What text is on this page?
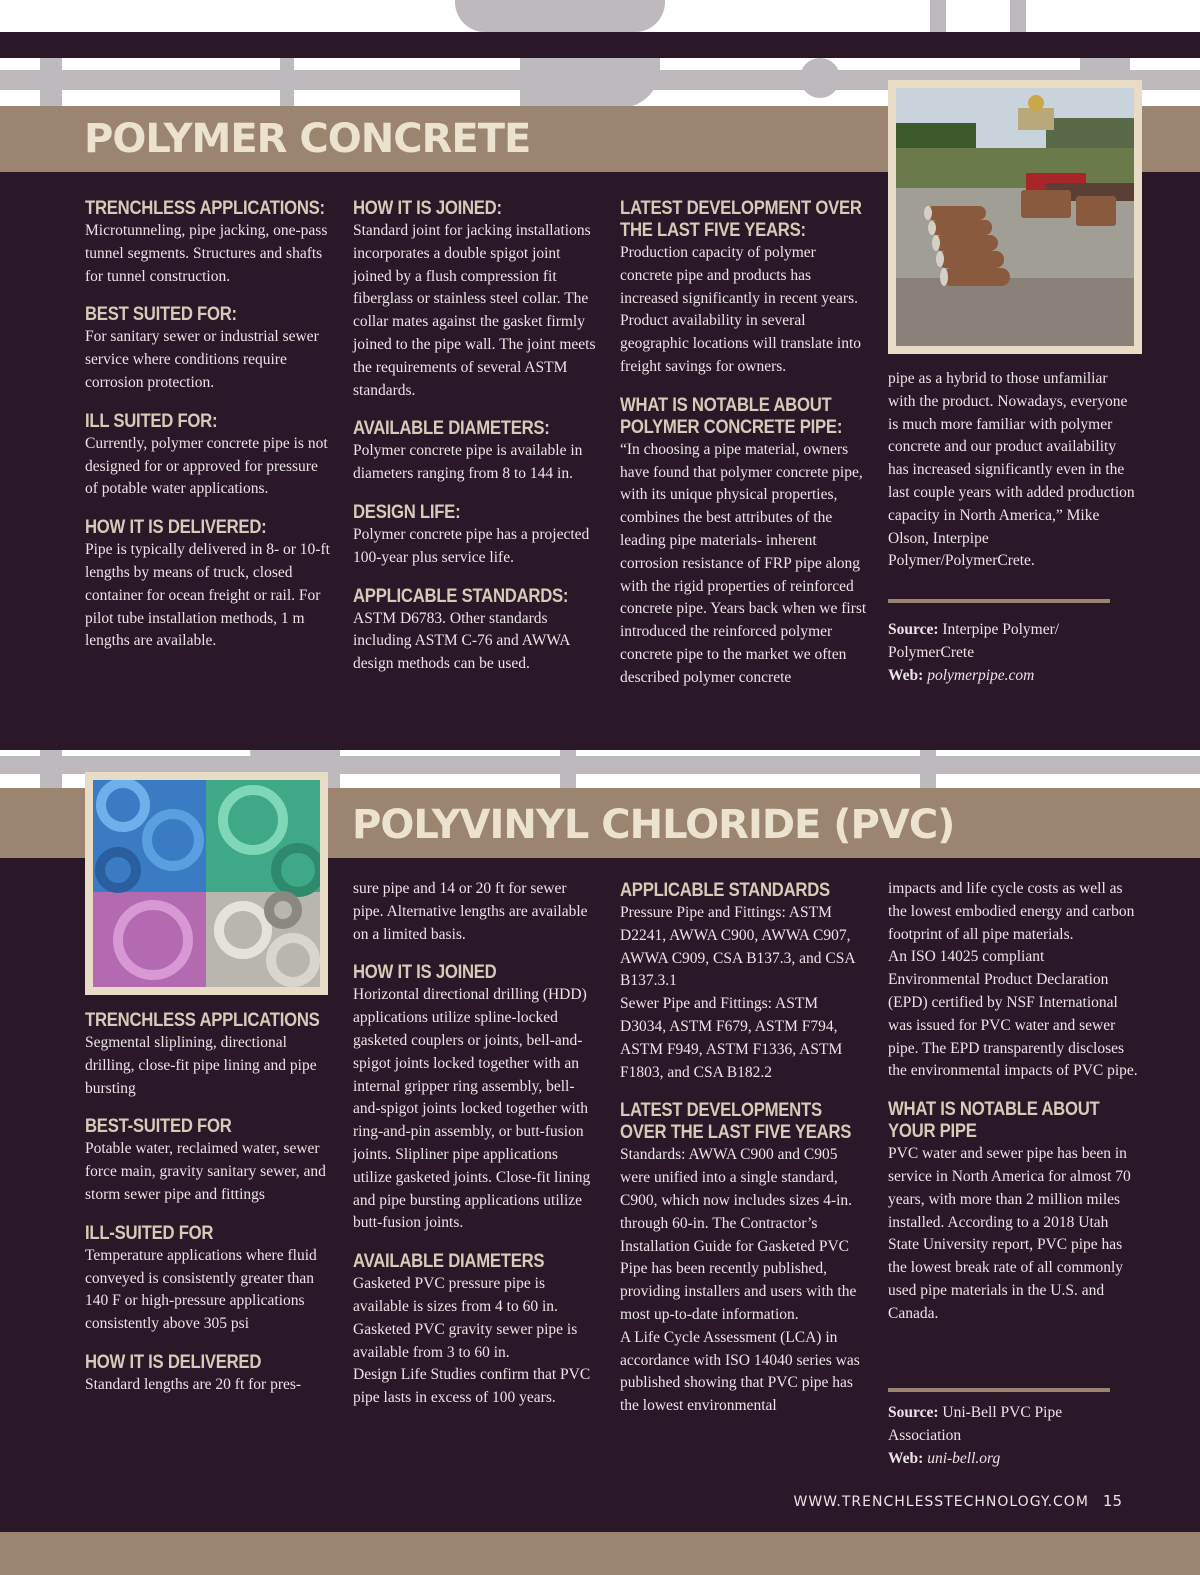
POLYMER CONCRETE
TRENCHLESS APPLICATIONS:

Microtunneling, pipe jacking, one-pass tunnel segments. Structures and shafts for tunnel construction.

BEST SUITED FOR:

For sanitary sewer or industrial sewer service where conditions require corrosion protection.

ILL SUITED FOR:

Currently, polymer concrete pipe is not designed for or approved for pressure of potable water applications.

HOW IT IS DELIVERED:

Pipe is typically delivered in 8- or 10-ft lengths by means of truck, closed container for ocean freight or rail. For pilot tube installation methods, 1 m lengths are available.

HOW IT IS JOINED:

Standard joint for jacking installations incorporates a double spigot joint joined by a flush compression fit fiberglass or stainless steel collar. The collar mates against the gasket firmly joined to the pipe wall. The joint meets the requirements of several ASTM standards.

AVAILABLE DIAMETERS:

Polymer concrete pipe is available in diameters ranging from 8 to 144 in.

DESIGN LIFE:

Polymer concrete pipe has a projected 100-year plus service life.

APPLICABLE STANDARDS:

ASTM D6783. Other standards including ASTM C-76 and AWWA design methods can be used.

LATEST DEVELOPMENT OVER THE LAST FIVE YEARS:

Production capacity of polymer concrete pipe and products has increased significantly in recent years. Product availability in several geographic locations will translate into freight savings for owners.

WHAT IS NOTABLE ABOUT POLYMER CONCRETE PIPE:

“In choosing a pipe material, owners have found that polymer concrete pipe, with its unique physical properties, combines the best attributes of the leading pipe materials- inherent corrosion resistance of FRP pipe along with the rigid properties of reinforced concrete pipe. Years back when we first introduced the reinforced polymer concrete pipe to the market we often described polymer concrete

pipe as a hybrid to those unfamiliar with the product. Nowadays, everyone is much more familiar with polymer concrete and our product availability has increased significantly even in the last couple years with added production capacity in North America,” Mike Olson, Interpipe Polymer/PolymerCrete.

Source: Interpipe Polymer/ PolymerCrete

Web: polymerpipe.com

POLYVINYL CHLORIDE (PVC)
TRENCHLESS APPLICATIONS

Segmental sliplining, directional drilling, close-fit pipe lining and pipe bursting

BEST-SUITED FOR

Potable water, reclaimed water, sewer force main, gravity sanitary sewer, and storm sewer pipe and fittings

ILL-SUITED FOR

Temperature applications where fluid conveyed is consistently greater than 140 F or high-pressure applications consistently above 305 psi

HOW IT IS DELIVERED

Standard lengths are 20 ft for pres-

sure pipe and 14 or 20 ft for sewer pipe. Alternative lengths are available on a limited basis.

HOW IT IS JOINED

Horizontal directional drilling (HDD) applications utilize spline-locked gasketed couplers or joints, bell-and-spigot joints locked together with an internal gripper ring assembly, bell-and-spigot joints locked together with ring-and-pin assembly, or butt-fusion joints. Slipliner pipe applications utilize gasketed joints. Close-fit lining and pipe bursting applications utilize butt-fusion joints.

AVAILABLE DIAMETERS

Gasketed PVC pressure pipe is available is sizes from 4 to 60 in. Gasketed PVC gravity sewer pipe is available from 3 to 60 in.

Design Life Studies confirm that PVC pipe lasts in excess of 100 years.

APPLICABLE STANDARDS

Pressure Pipe and Fittings: ASTM D2241, AWWA C900, AWWA C907, AWWA C909, CSA B137.3, and CSA B137.3.1

Sewer Pipe and Fittings: ASTM D3034, ASTM F679, ASTM F794, ASTM F949, ASTM F1336, ASTM F1803, and CSA B182.2

LATEST DEVELOPMENTS OVER THE LAST FIVE YEARS

Standards: AWWA C900 and C905 were unified into a single standard, C900, which now includes sizes 4-in. through 60-in. The Contractor’s Installation Guide for Gasketed PVC Pipe has been recently published, providing installers and users with the most up-to-date information.

A Life Cycle Assessment (LCA) in accordance with ISO 14040 series was published showing that PVC pipe has the lowest environmental

impacts and life cycle costs as well as the lowest embodied energy and carbon footprint of all pipe materials.

An ISO 14025 compliant Environmental Product Declaration (EPD) certified by NSF International was issued for PVC water and sewer pipe. The EPD transparently discloses the environmental impacts of PVC pipe.

WHAT IS NOTABLE ABOUT YOUR PIPE

PVC water and sewer pipe has been in service in North America for almost 70 years, with more than 2 million miles installed. According to a 2018 Utah State University report, PVC pipe has the lowest break rate of all commonly used pipe materials in the U.S. and Canada.

Source: Uni-Bell PVC Pipe Association

Web: uni-bell.org

WWW.TRENCHLESSTECHNOLOGY.COM 15
